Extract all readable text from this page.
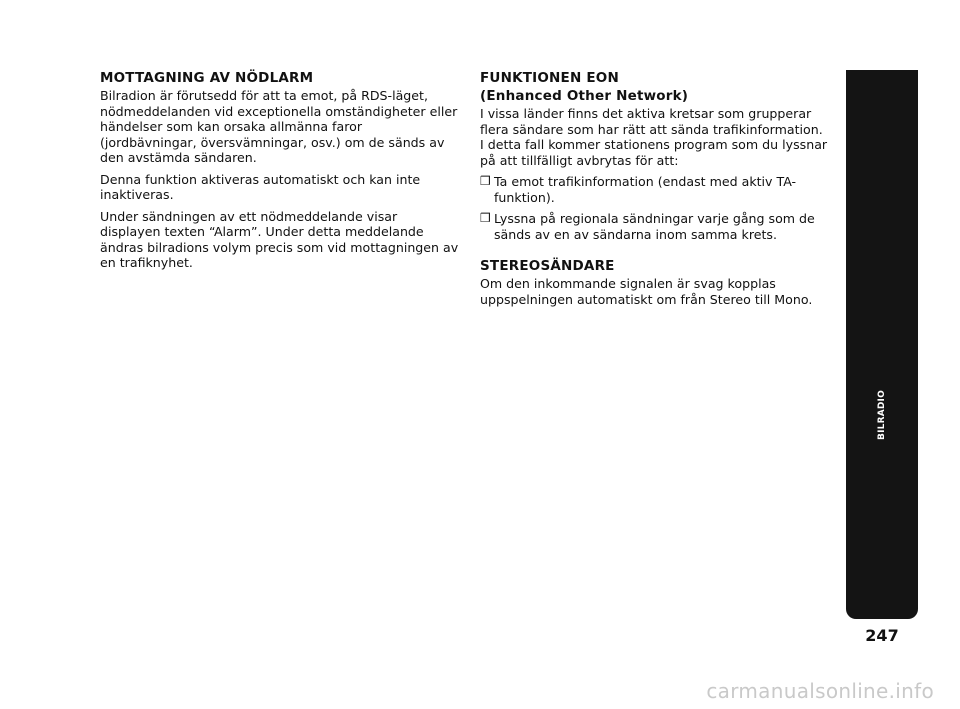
MOTTAGNING AV NÖDLARM

Bilradion är förutsedd för att ta emot, på RDS-läget, nödmeddelanden vid exceptionella omständigheter eller händelser som kan orsaka allmänna faror (jordbävningar, översvämningar, osv.) om de sänds av den avstämda sändaren.

Denna funktion aktiveras automatiskt och kan inte inaktiveras.

Under sändningen av ett nödmeddelande visar displayen texten “Alarm”. Under detta meddelande ändras bilradions volym precis som vid mottagningen av en trafiknyhet.

FUNKTIONEN EON
(Enhanced Other Network)

I vissa länder finns det aktiva kretsar som grupperar flera sändare som har rätt att sända trafikinformation. I detta fall kommer stationens program som du lyssnar på att tillfälligt avbrytas för att:

❒ Ta emot trafikinformation (endast med aktiv TA-funktion).
❒ Lyssna på regionala sändningar varje gång som de sänds av en av sändarna inom samma krets.
STEREOSÄNDARE

Om den inkommande signalen är svag kopplas uppspelningen automatiskt om från Stereo till Mono.

BILRADIO
247
carmanualsonline.info
